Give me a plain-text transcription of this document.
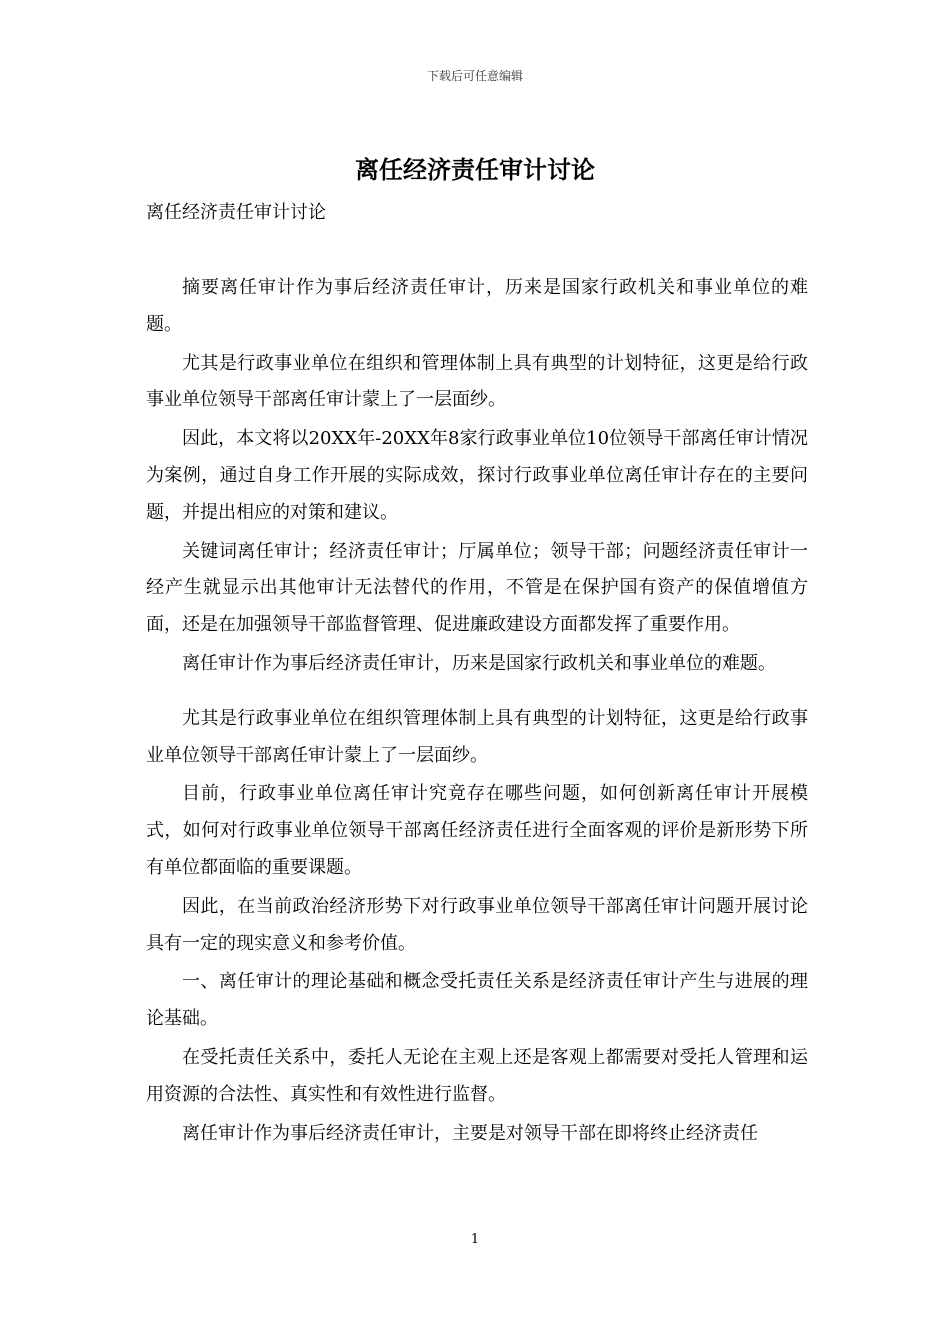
下载后可任意编辑
离任经济责任审计讨论

离任经济责任审计讨论

摘要离任审计作为事后经济责任审计，历来是国家行政机关和事业单位的难题。

尤其是行政事业单位在组织和管理体制上具有典型的计划特征，这更是给行政事业单位领导干部离任审计蒙上了一层面纱。

因此，本文将以20XX年-20XX年8家行政事业单位10位领导干部离任审计情况为案例，通过自身工作开展的实际成效，探讨行政事业单位离任审计存在的主要问题，并提出相应的对策和建议。

关键词离任审计；经济责任审计；厅属单位；领导干部；问题经济责任审计一经产生就显示出其他审计无法替代的作用，不管是在保护国有资产的保值增值方面，还是在加强领导干部监督管理、促进廉政建设方面都发挥了重要作用。

离任审计作为事后经济责任审计，历来是国家行政机关和事业单位的难题。

尤其是行政事业单位在组织管理体制上具有典型的计划特征，这更是给行政事业单位领导干部离任审计蒙上了一层面纱。

目前，行政事业单位离任审计究竟存在哪些问题，如何创新离任审计开展模式，如何对行政事业单位领导干部离任经济责任进行全面客观的评价是新形势下所有单位都面临的重要课题。

因此，在当前政治经济形势下对行政事业单位领导干部离任审计问题开展讨论具有一定的现实意义和参考价值。

一、离任审计的理论基础和概念受托责任关系是经济责任审计产生与进展的理论基础。

在受托责任关系中，委托人无论在主观上还是客观上都需要对受托人管理和运用资源的合法性、真实性和有效性进行监督。

离任审计作为事后经济责任审计，主要是对领导干部在即将终止经济责任

1
